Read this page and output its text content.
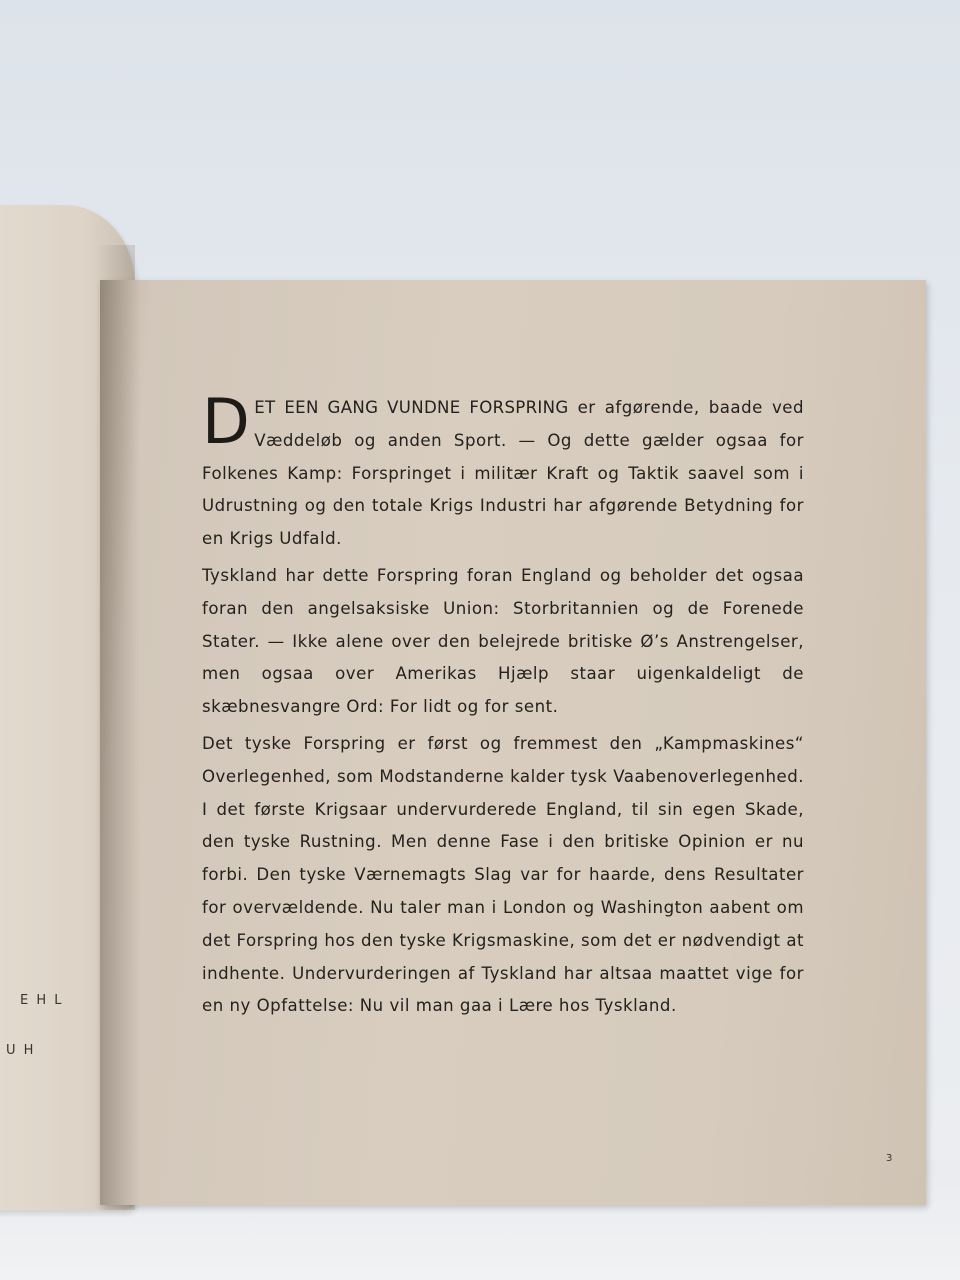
E H L
U H

DET EEN GANG VUNDNE FORSPRING er afgørende, baade ved Væddeløb og anden Sport. — Og dette gælder ogsaa for Folkenes Kamp: Forspringet i militær Kraft og Taktik saavel som i Udrustning og den totale Krigs Industri har afgørende Betydning for en Krigs Udfald.

Tyskland har dette Forspring foran England og beholder det ogsaa foran den angelsaksiske Union: Storbritannien og de Forenede Stater. — Ikke alene over den belejrede britiske Ø’s Anstrengelser, men ogsaa over Amerikas Hjælp staar uigenkaldeligt de skæbnesvangre Ord: For lidt og for sent.

Det tyske Forspring er først og fremmest den „Kampmaskines“ Overlegenhed, som Modstanderne kalder tysk Vaabenoverlegenhed. I det første Krigsaar undervurderede England, til sin egen Skade, den tyske Rustning. Men denne Fase i den britiske Opinion er nu forbi. Den tyske Værnemagts Slag var for haarde, dens Resultater for overvældende. Nu taler man i London og Washington aabent om det Forspring hos den tyske Krigsmaskine, som det er nødvendigt at indhente. Undervurderingen af Tyskland har altsaa maattet vige for en ny Opfattelse: Nu vil man gaa i Lære hos Tyskland.

3
